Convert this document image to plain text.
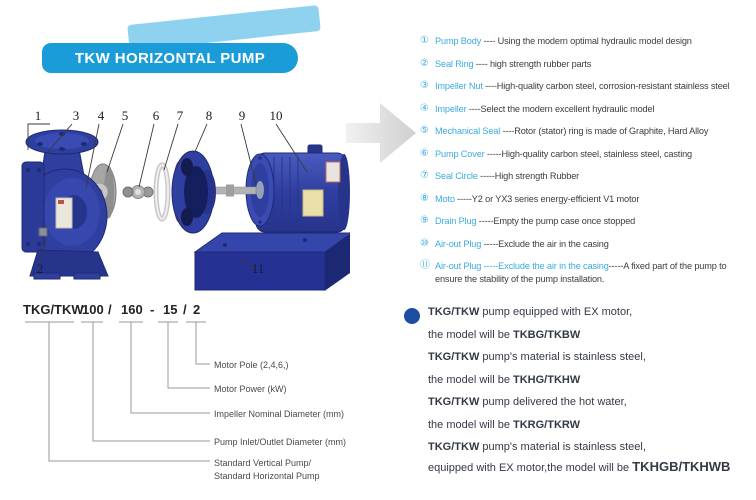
TKW HORIZONTAL PUMP
1 3 4 5 6 7 8 9 10
2	11
① Pump Body ---- Using the modern optimal hydraulic model design
② Seal Ring ---- high strength rubber parts
③ Impeller Nut ----High-quality carbon steel, corrosion-resistant stainless steel
④ Impeller ----Select the modern excellent hydraulic model
⑤ Mechanical Seal ----Rotor (stator) ring is made of Graphite, Hard Alloy
⑥ Pump Cover -----High-quality carbon steel, stainless steel, casting
⑦ Seal Circle -----High strength Rubber
⑧ Moto -----Y2 or YX3 series energy-efficient V1 motor
⑨ Drain Plug -----Empty the pump case once stopped
⑩ Air-out Plug -----Exclude the air in the casing
⑪ Air-out Plug -----Exclude the air in the casing-----A fixed part of the pump to ensure the stability of the pump installation.
TKG/TKW
100 / 160 - 15 / 2
Motor Pole (2,4,6,)
Motor Power (kW)
Impeller Nominal Diameter (mm)
Pump Inlet/Outlet Diameter (mm)
Standard Vertical Pump/
Standard Horizontal Pump
TKG/TKW pump equipped with EX motor,
the model will be TKBG/TKBW
TKG/TKW pump's material is stainless steel,
the model will be TKHG/TKHW
TKG/TKW pump delivered the hot water,
the model will be TKRG/TKRW
TKG/TKW pump's material is stainless steel,
equipped with EX motor,the model will be TKHGB/TKHWB
